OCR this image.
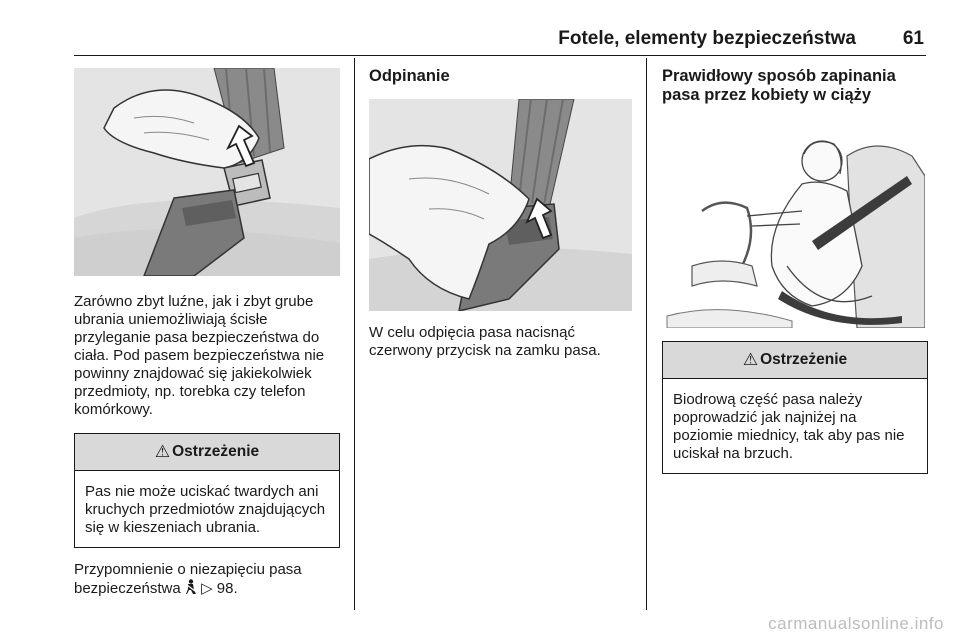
Fotele, elementy bezpieczeństwa 61

Zarówno zbyt luźne, jak i zbyt grube ubrania uniemożliwiają ścisłe przyleganie pasa bezpieczeństwa do ciała. Pod pasem bezpieczeństwa nie powinny znajdować się jakiekolwiek przedmioty, np. torebka czy telefon komórkowy.

⚠ Ostrzeżenie
Pas nie może uciskać twardych ani kruchych przedmiotów znajdujących się w kieszeniach ubrania.

Przypomnienie o niezapięciu pasa
bezpieczeństwa ▷ 98.

Odpinanie

W celu odpięcia pasa nacisnąć czerwony przycisk na zamku pasa.

Prawidłowy sposób zapinania pasa przez kobiety w ciąży
⚠ Ostrzeżenie
Biodrową część pasa należy poprowadzić jak najniżej na poziomie miednicy, tak aby pas nie uciskał na brzuch.
carmanualsonline.info
